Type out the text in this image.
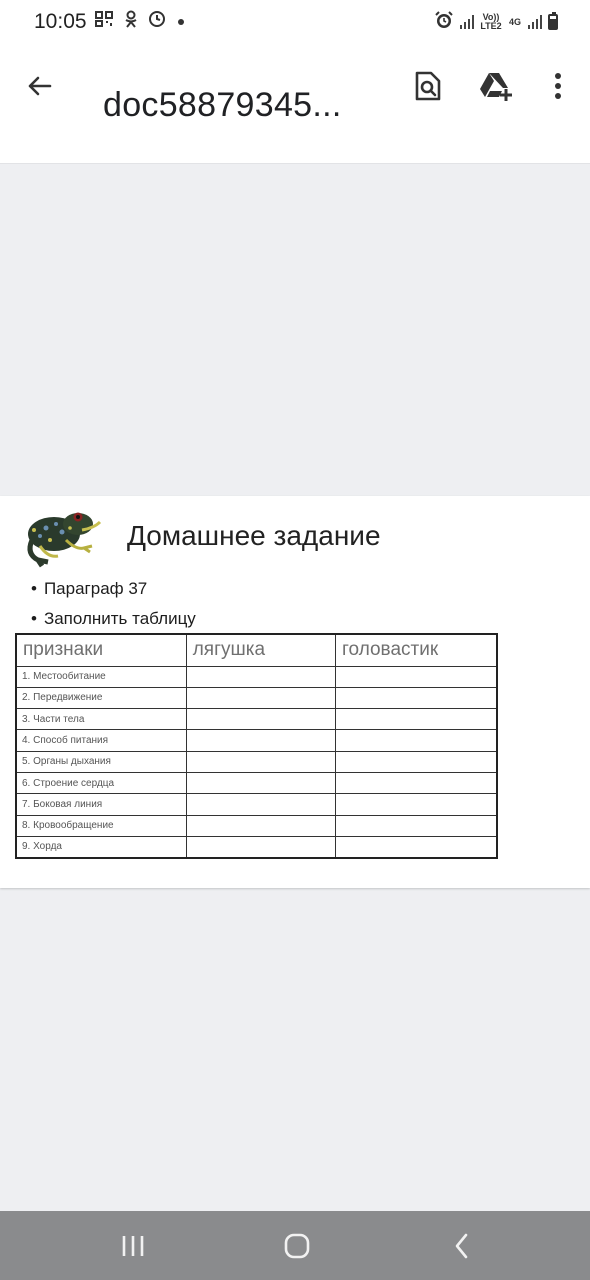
10:05	Vo)) LTE2 4G
doc58879345...
Домашнее задание
• Параграф 37
• Заполнить таблицу
признаки	лягушка	головастик
1. Местообитание		
2. Передвижение		
3. Части тела		
4. Способ питания		
5. Органы дыхания		
6. Строение сердца		
7. Боковая линия		
8. Кровообращение		
9. Хорда		
